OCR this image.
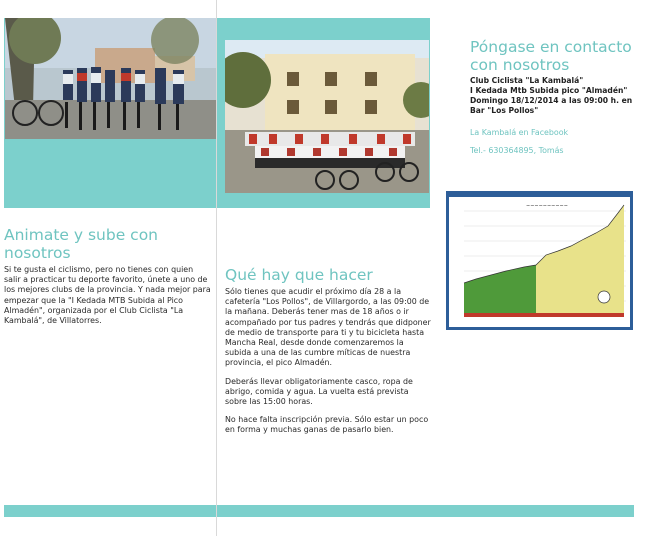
Animate y sube con nosotros
Si te gusta el ciclismo, pero no tienes con quien salir a practicar tu deporte favorito, únete a uno de los mejores clubs de la provincia. Y nada mejor para empezar que la "I Kedada MTB Subida al Pico Almadén", organizada por el Club Ciclista "La Kambalá", de Villatorres.
Qué hay que hacer

Sólo tienes que acudir el próximo día 28 a la cafetería "Los Pollos", de Villargordo, a las 09:00 de la mañana. Deberás tener mas de 18 años o ir acompañado por tus padres y tendrás que didponer de medio de transporte para ti y tu bicicleta hasta Mancha Real, desde donde comenzaremos la subida a una de las cumbre míticas de nuestra provincia, el pico Almadén.

Deberás llevar obligatoriamente casco, ropa de abrigo, comida y agua. La vuelta está prevista sobre las 15:00 horas.

No hace falta inscripción previa. Sólo estar un poco en forma y muchas ganas de pasarlo bien.

Póngase en contacto con nosotros
Club Ciclista "La Kambalá"
I Kedada Mtb Subida pico "Almadén"
Domingo 18/12/2014 a las 09:00 h. en Bar "Los Pollos"
La Kambalá en Facebook
Tel.- 630364895, Tomás
~~~~~~~~~~
